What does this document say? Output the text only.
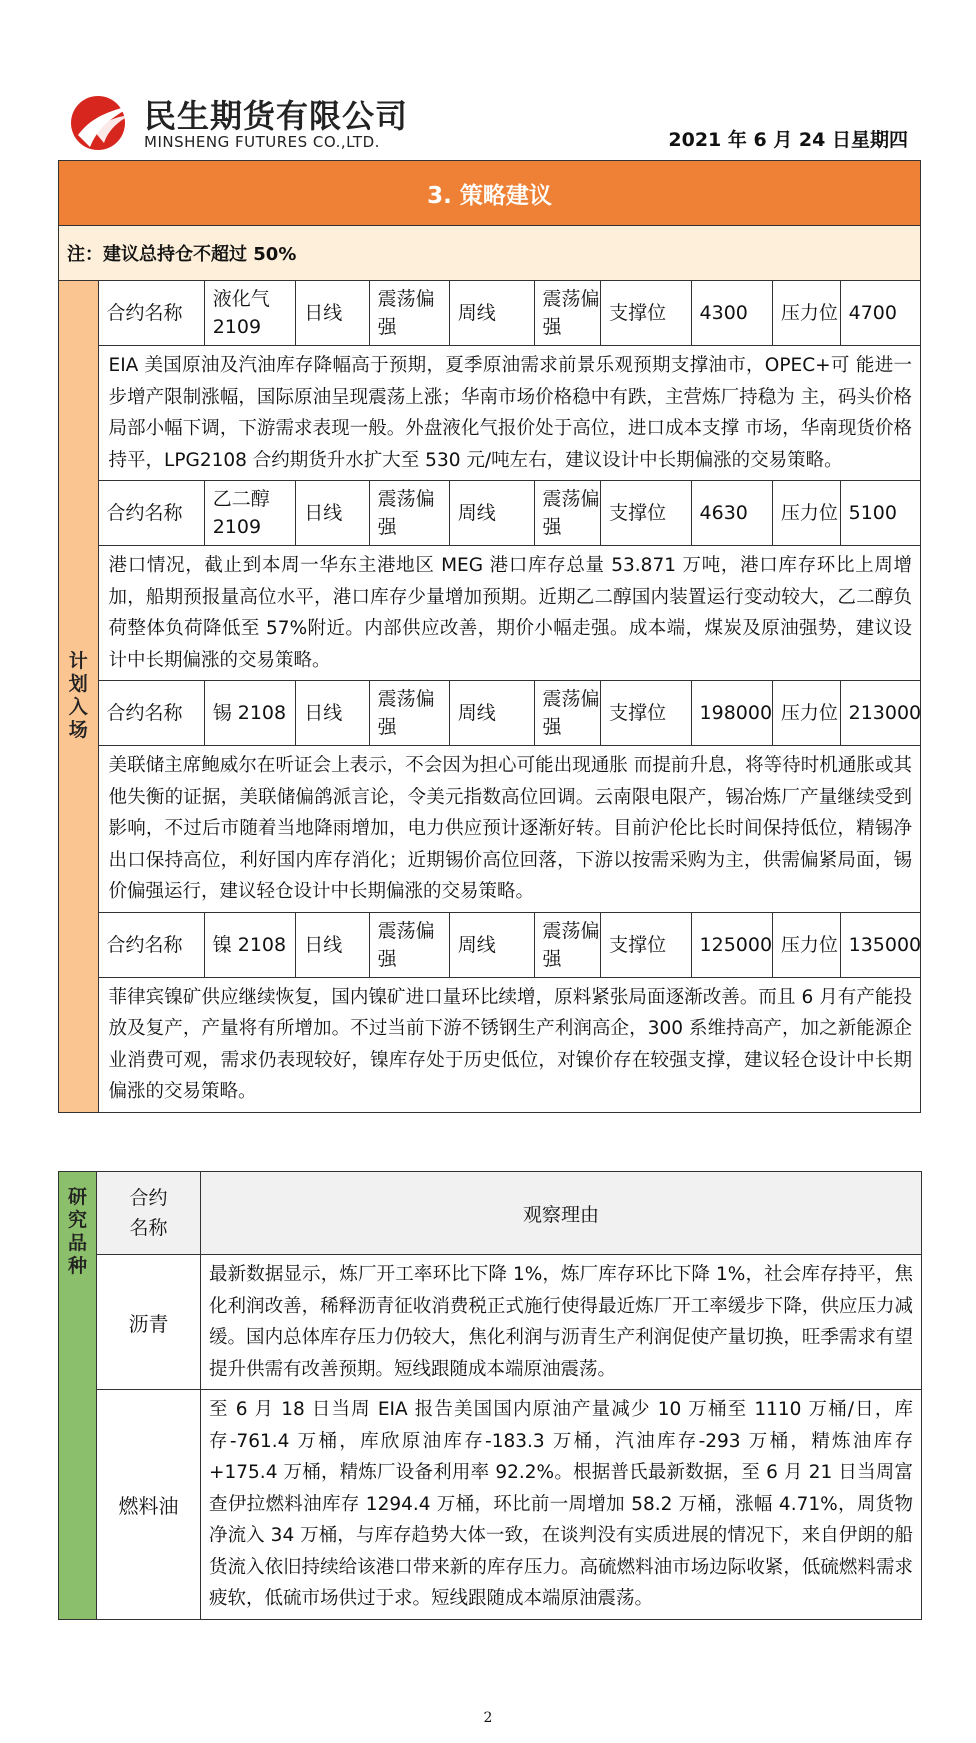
民生期货有限公司
MINSHENG FUTURES CO.,LTD.	2021 年 6 月 24 日星期四
3. 策略建议										
注：建议总持仓不超过 50%										
计划入场	合约名称	液化气 2109	日线	震荡偏强	周线	震荡偏强	支撑位	4300	压力位	4700
	EIA 美国原油及汽油库存降幅高于预期，夏季原油需求前景乐观预期支撑油市，OPEC+可 能进一步增产限制涨幅，国际原油呈现震荡上涨；华南市场价格稳中有跌，主营炼厂持稳为 主，码头价格局部小幅下调，下游需求表现一般。外盘液化气报价处于高位，进口成本支撑 市场，华南现货价格持平，LPG2108 合约期货升水扩大至 530 元/吨左右，建议设计中长期偏涨的交易策略。									
	合约名称	乙二醇 2109	日线	震荡偏强	周线	震荡偏强	支撑位	4630	压力位	5100
	港口情况，截止到本周一华东主港地区 MEG 港口库存总量 53.871 万吨，港口库存环比上周增加，船期预报量高位水平，港口库存少量增加预期。近期乙二醇国内装置运行变动较大，乙二醇负荷整体负荷降低至 57%附近。内部供应改善，期价小幅走强。成本端，煤炭及原油强势，建议设计中长期偏涨的交易策略。									
	合约名称	锡 2108	日线	震荡偏强	周线	震荡偏强	支撑位	198000	压力位	213000
	美联储主席鲍威尔在听证会上表示，不会因为担心可能出现通胀 而提前升息，将等待时机通胀或其他失衡的证据，美联储偏鸽派言论，令美元指数高位回调。云南限电限产，锡冶炼厂产量继续受到影响，不过后市随着当地降雨增加，电力供应预计逐渐好转。目前沪伦比长时间保持低位，精锡净出口保持高位，利好国内库存消化；近期锡价高位回落，下游以按需采购为主，供需偏紧局面，锡价偏强运行，建议轻仓设计中长期偏涨的交易策略。									
	合约名称	镍 2108	日线	震荡偏强	周线	震荡偏强	支撑位	125000	压力位	135000
	菲律宾镍矿供应继续恢复，国内镍矿进口量环比续增，原料紧张局面逐渐改善。而且 6 月有产能投放及复产，产量将有所增加。不过当前下游不锈钢生产利润高企，300 系维持高产，加之新能源企业消费可观，需求仍表现较好，镍库存处于历史低位，对镍价存在较强支撑，建议轻仓设计中长期偏涨的交易策略。									
研究品种	合约名称	观察理由
	沥青	最新数据显示，炼厂开工率环比下降 1%，炼厂库存环比下降 1%，社会库存持平，焦化利润改善，稀释沥青征收消费税正式施行使得最近炼厂开工率缓步下降，供应压力减缓。国内总体库存压力仍较大，焦化利润与沥青生产利润促使产量切换，旺季需求有望提升供需有改善预期。短线跟随成本端原油震荡。
	燃料油	至 6 月 18 日当周 EIA 报告美国国内原油产量减少 10 万桶至 1110 万桶/日，库存-761.4 万桶，库欣原油库存-183.3 万桶，汽油库存-293 万桶，精炼油库存+175.4 万桶，精炼厂设备利用率 92.2%。根据普氏最新数据，至 6 月 21 日当周富查伊拉燃料油库存 1294.4 万桶，环比前一周增加 58.2 万桶，涨幅 4.71%，周货物净流入 34 万桶，与库存趋势大体一致，在谈判没有实质进展的情况下，来自伊朗的船货流入依旧持续给该港口带来新的库存压力。高硫燃料油市场边际收紧，低硫燃料需求疲软，低硫市场供过于求。短线跟随成本端原油震荡。
2
